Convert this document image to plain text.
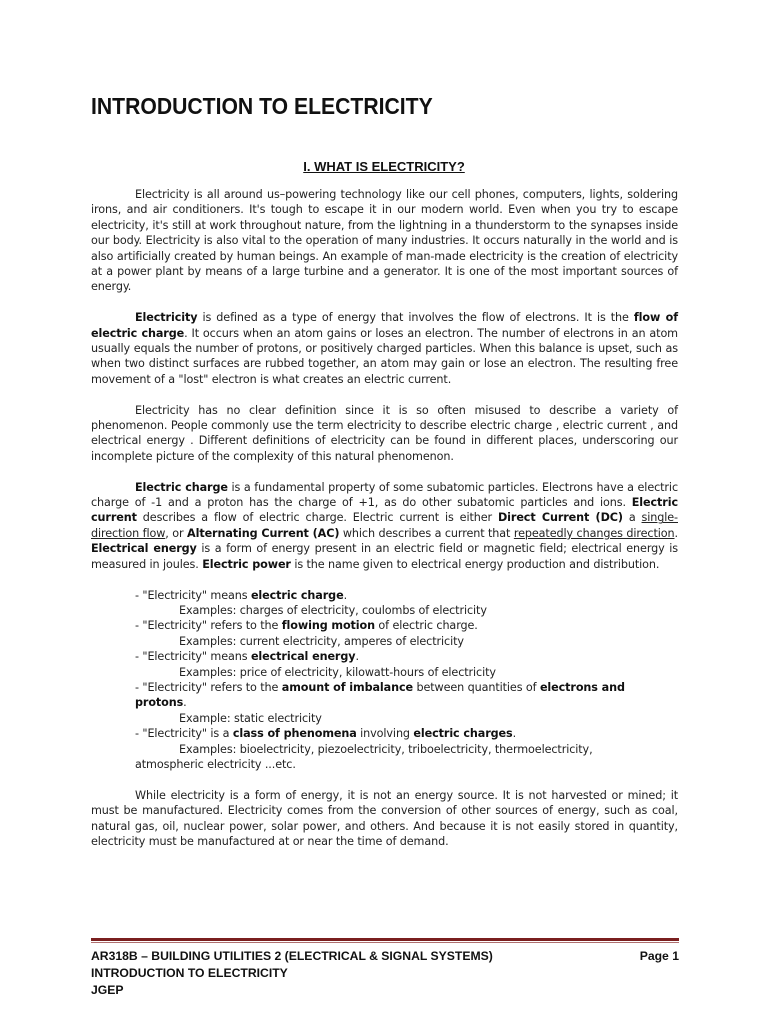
INTRODUCTION TO ELECTRICITY
I. WHAT IS ELECTRICITY?

Electricity is all around us–powering technology like our cell phones, computers, lights, soldering irons, and air conditioners. It's tough to escape it in our modern world. Even when you try to escape electricity, it's still at work throughout nature, from the lightning in a thunderstorm to the synapses inside our body. Electricity is also vital to the operation of many industries. It occurs naturally in the world and is also artificially created by human beings. An example of man-made electricity is the creation of electricity at a power plant by means of a large turbine and a generator. It is one of the most important sources of energy.

Electricity is defined as a type of energy that involves the flow of electrons. It is the flow of electric charge. It occurs when an atom gains or loses an electron. The number of electrons in an atom usually equals the number of protons, or positively charged particles. When this balance is upset, such as when two distinct surfaces are rubbed together, an atom may gain or lose an electron. The resulting free movement of a "lost" electron is what creates an electric current.

Electricity has no clear definition since it is so often misused to describe a variety of phenomenon. People commonly use the term electricity to describe electric charge , electric current , and electrical energy . Different definitions of electricity can be found in different places, underscoring our incomplete picture of the complexity of this natural phenomenon.

Electric charge is a fundamental property of some subatomic particles. Electrons have a electric charge of -1 and a proton has the charge of +1, as do other subatomic particles and ions. Electric current describes a flow of electric charge. Electric current is either Direct Current (DC) a single-direction flow, or Alternating Current (AC) which describes a current that repeatedly changes direction. Electrical energy is a form of energy present in an electric field or magnetic field; electrical energy is measured in joules. Electric power is the name given to electrical energy production and distribution.

- "Electricity" means electric charge.
Examples: charges of electricity, coulombs of electricity
- "Electricity" refers to the flowing motion of electric charge.
Examples: current electricity, amperes of electricity
- "Electricity" means electrical energy.
Examples: price of electricity, kilowatt-hours of electricity
- "Electricity" refers to the amount of imbalance between quantities of electrons and protons.
Example: static electricity
- "Electricity" is a class of phenomena involving electric charges.
Examples: bioelectricity, piezoelectricity, triboelectricity, thermoelectricity,
atmospheric electricity ...etc.

While electricity is a form of energy, it is not an energy source. It is not harvested or mined; it must be manufactured. Electricity comes from the conversion of other sources of energy, such as coal, natural gas, oil, nuclear power, solar power, and others. And because it is not easily stored in quantity, electricity must be manufactured at or near the time of demand.

AR318B – BUILDING UTILITIES 2 (ELECTRICAL & SIGNAL SYSTEMS)	Page 1
INTRODUCTION TO ELECTRICITY
JGEP
